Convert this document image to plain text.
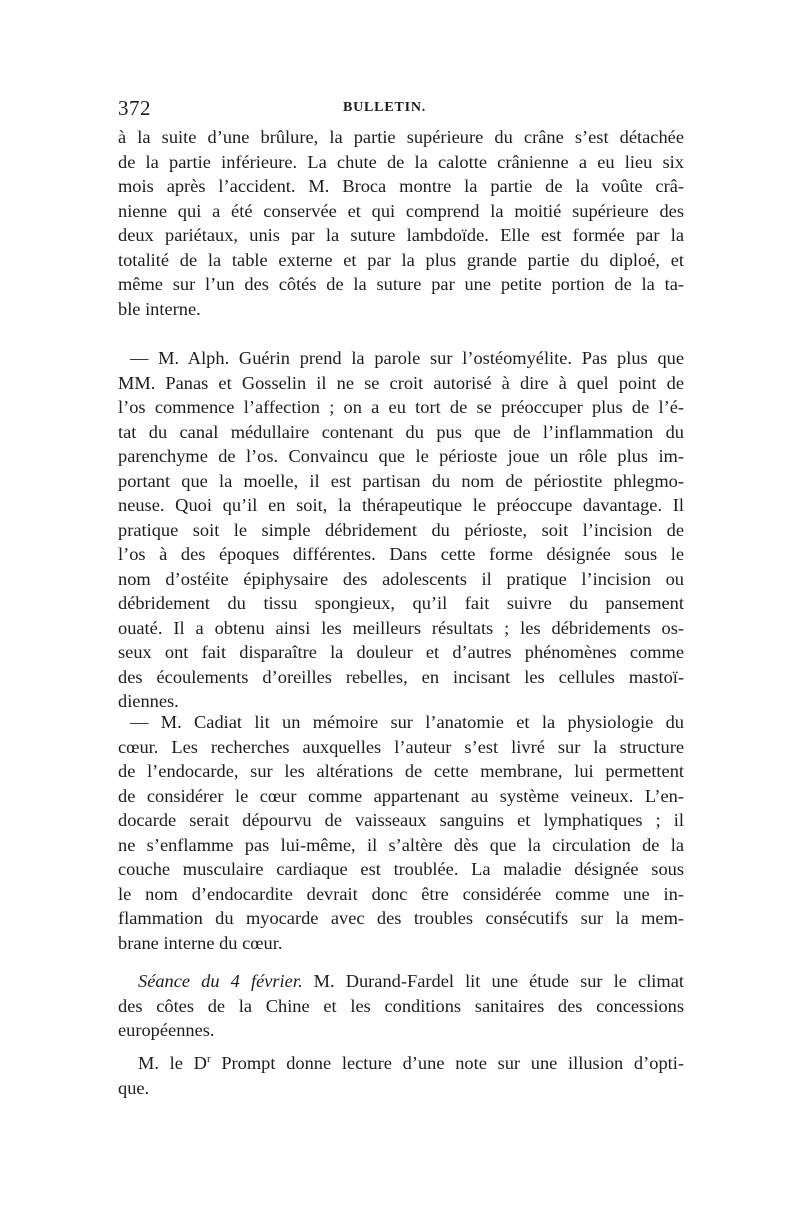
372	BULLETIN.
à la suite d’une brûlure, la partie supérieure du crâne s’est détachée
de la partie inférieure. La chute de la calotte crânienne a eu lieu six
mois après l’accident. M. Broca montre la partie de la voûte crâ-
nienne qui a été conservée et qui comprend la moitié supérieure des
deux pariétaux, unis par la suture lambdoïde. Elle est formée par la
totalité de la table externe et par la plus grande partie du diploé, et
même sur l’un des côtés de la suture par une petite portion de la ta-
ble interne.
— M. Alph. Guérin prend la parole sur l’ostéomyélite. Pas plus que
MM. Panas et Gosselin il ne se croit autorisé à dire à quel point de
l’os commence l’affection ; on a eu tort de se préoccuper plus de l’é-
tat du canal médullaire contenant du pus que de l’inflammation du
parenchyme de l’os. Convaincu que le périoste joue un rôle plus im-
portant que la moelle, il est partisan du nom de périostite phlegmo-
neuse. Quoi qu’il en soit, la thérapeutique le préoccupe davantage. Il
pratique soit le simple débridement du périoste, soit l’incision de
l’os à des époques différentes. Dans cette forme désignée sous le
nom d’ostéite épiphysaire des adolescents il pratique l’incision ou
débridement du tissu spongieux, qu’il fait suivre du pansement
ouaté. Il a obtenu ainsi les meilleurs résultats ; les débridements os-
seux ont fait disparaître la douleur et d’autres phénomènes comme
des écoulements d’oreilles rebelles, en incisant les cellules mastoï-
diennes.
— M. Cadiat lit un mémoire sur l’anatomie et la physiologie du
cœur. Les recherches auxquelles l’auteur s’est livré sur la structure
de l’endocarde, sur les altérations de cette membrane, lui permettent
de considérer le cœur comme appartenant au système veineux. L’en-
docarde serait dépourvu de vaisseaux sanguins et lymphatiques ; il
ne s’enflamme pas lui-même, il s’altère dès que la circulation de la
couche musculaire cardiaque est troublée. La maladie désignée sous
le nom d’endocardite devrait donc être considérée comme une in-
flammation du myocarde avec des troubles consécutifs sur la mem-
brane interne du cœur.
Séance du 4 février. M. Durand-Fardel lit une étude sur le climat
des côtes de la Chine et les conditions sanitaires des concessions
européennes.
M. le $D^r$ Prompt donne lecture d’une note sur une illusion d’opti-
que.
